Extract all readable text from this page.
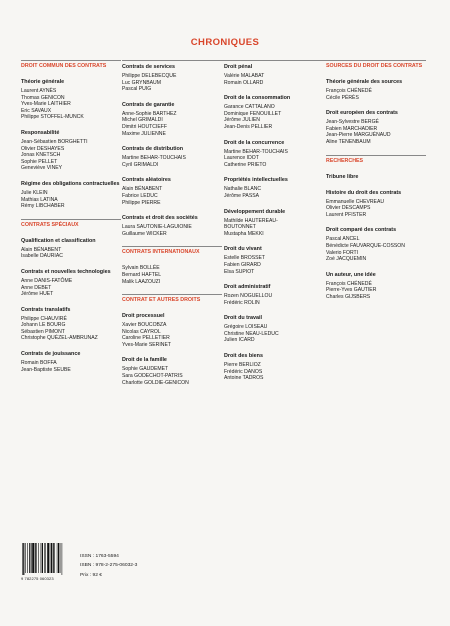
CHRONIQUES
DROIT COMMUN DES CONTRATS
Théorie générale
Laurent AYNÈS
Thomas GENICON
Yves-Marie LAITHIER
Eric SAVAUX
Philippe STOFFEL-MUNCK
Responsabilité
Jean-Sébastien BORGHETTI
Olivier DESHAYES
Jonas KNETSCH
Sophie PELLET
Geneviève VINEY
Régime des obligations contractuelles
Julie KLEIN
Mathias LATINA
Rémy LIBCHABER
CONTRATS SPÉCIAUX
Qualification et classification
Alain BÉNABENT
Isabelle DAURIAC
Contrats et nouvelles technologies
Anne DANIS-FATÔME
Anne DEBET
Jérôme HUET
Contrats translatifs
Philippe CHAUVIRÉ
Johann LE BOURG
Sébastien PIMONT
Christophe QUÉZEL-AMBRUNAZ
Contrats de jouissance
Romain BOFFA
Jean-Baptiste SEUBE
Contrats de services
Philippe DELEBECQUE
Luc GRYNBAUM
Pascal PUIG
Contrats de garantie
Anne-Sophie BARTHEZ
Michel GRIMALDI
Dimitri HOUTCIEFF
Maxime JULIENNE
Contrats de distribution
Martine BEHAR-TOUCHAIS
Cyril GRIMALDI
Contrats aléatoires
Alain BÉNABENT
Fabrice LEDUC
Philippe PIERRE
Contrats et droit des sociétés
Laura SAUTONIE-LAGUIONIE
Guillaume WICKER
CONTRATS INTERNATIONAUX
Sylvain BOLLÉE
Bernard HAFTEL
Malik LAAZOUZI
CONTRAT ET AUTRES DROITS
Droit processuel
Xavier BOUCOBZA
Nicolas CAYROL
Caroline PELLETIER
Yves-Marie SERINET
Droit de la famille
Sophie GAUDEMET
Sara GODECHOT-PATRIS
Charlotte GOLDIE-GENICON
Droit pénal
Valérie MALABAT
Romain OLLARD
Droit de la consommation
Garance CATTALANO
Dominique FENOUILLET
Jérôme JULIEN
Jean-Denis PELLIER
Droit de la concurrence
Martine BEHAR-TOUCHAIS
Laurence IDOT
Catherine PRIETO
Propriétés intellectuelles
Nathalie BLANC
Jérôme PASSA
Développement durable
Mathilde HAUTEREAU-
BOUTONNET
Mustapha MEKKI
Droit du vivant
Estelle BROSSET
Fabien GIRARD
Elsa SUPIOT
Droit administratif
Rozen NOGUELLOU
Frédéric ROLIN
Droit du travail
Grégoire LOISEAU
Christine NEAU-LEDUC
Julien ICARD
Droit des biens
Pierre BERLIOZ
Frédéric DANOS
Antoine TADROS
SOURCES DU DROIT DES CONTRATS
Théorie générale des sources
François CHÉNEDÉ
Cécile PÉRÈS
Droit européen des contrats
Jean-Sylvestre BERGÉ
Fabien MARCHADIER
Jean-Pierre MARGUÉNAUD
Aline TENENBAUM
RECHERCHES
Tribune libre
Histoire du droit des contrats
Emmanuelle CHEVREAU
Olivier DESCAMPS
Laurent PFISTER
Droit comparé des contrats
Pascal ANCEL
Bénédicte FAUVARQUE-COSSON
Valerio FORTI
Zoé JACQUEMIN
Un auteur, une idée
François CHÉNEDÉ
Pierre-Yves GAUTIER
Charles GIJSBERS
9 782275 060323
ISSN : 1763-5594
ISBN : 978-2-275-06032-3
Prix : 92 €
